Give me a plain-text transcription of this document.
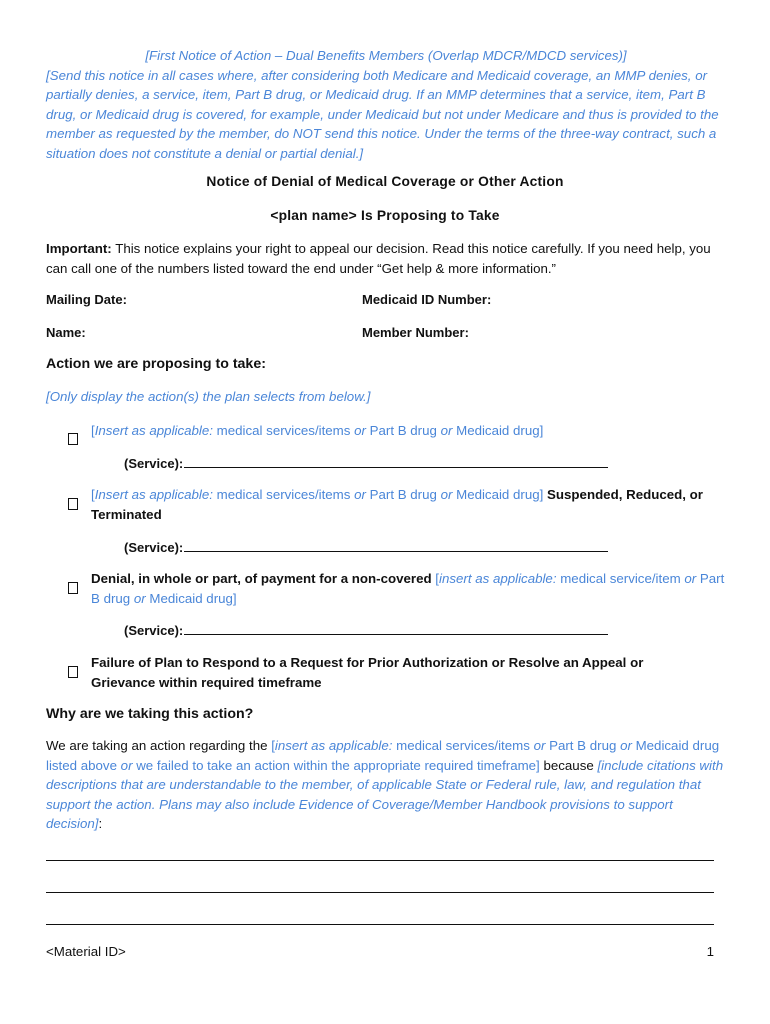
[First Notice of Action – Dual Benefits Members (Overlap MDCR/MDCD services)]
[Send this notice in all cases where, after considering both Medicare and Medicaid coverage, an MMP denies, or partially denies, a service, item, Part B drug, or Medicaid drug. If an MMP determines that a service, item, Part B drug, or Medicaid drug is covered, for example, under Medicaid but not under Medicare and thus is provided to the member as requested by the member, do NOT send this notice. Under the terms of the three-way contract, such a situation does not constitute a denial or partial denial.]
Notice of Denial of Medical Coverage or Other Action
<plan name> Is Proposing to Take
Important: This notice explains your right to appeal our decision. Read this notice carefully. If you need help, you can call one of the numbers listed toward the end under “Get help & more information.”
Mailing Date:	Medicaid ID Number:
Name:	Member Number:
Action we are proposing to take:
[Only display the action(s) the plan selects from below.]
[Insert as applicable: medical services/items or Part B drug or Medicaid drug]
(Service):
[Insert as applicable: medical services/items or Part B drug or Medicaid drug] Suspended, Reduced, or Terminated
(Service):
Denial, in whole or part, of payment for a non-covered [insert as applicable: medical service/item or Part B drug or Medicaid drug]
(Service):
Failure of Plan to Respond to a Request for Prior Authorization or Resolve an Appeal or Grievance within required timeframe
Why are we taking this action?
We are taking an action regarding the [insert as applicable: medical services/items or Part B drug or Medicaid drug listed above or we failed to take an action within the appropriate required timeframe] because [include citations with descriptions that are understandable to the member, of applicable State or Federal rule, law, and regulation that support the action. Plans may also include Evidence of Coverage/Member Handbook provisions to support decision]:
<Material ID>	1
